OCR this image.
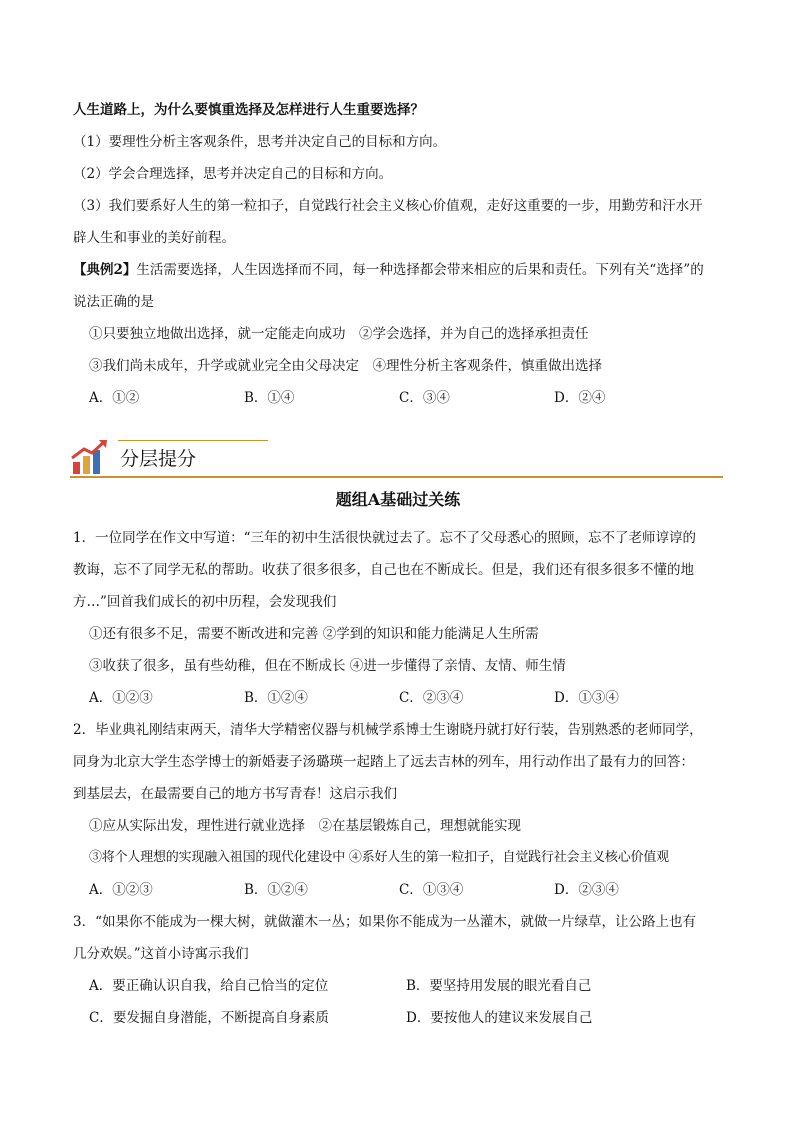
人生道路上，为什么要慎重选择及怎样进行人生重要选择？

（1）要理性分析主客观条件，思考并决定自己的目标和方向。

（2）学会合理选择，思考并决定自己的目标和方向。

（3）我们要系好人生的第一粒扣子，自觉践行社会主义核心价值观，走好这重要的一步，用勤劳和汗水开

辟人生和事业的美好前程。

【典例2】生活需要选择，人生因选择而不同，每一种选择都会带来相应的后果和责任。下列有关“选择”的

说法正确的是

①只要独立地做出选择，就一定能走向成功　②学会选择，并为自己的选择承担责任

③我们尚未成年，升学或就业完全由父母决定　④理性分析主客观条件，慎重做出选择

A．①②	B．①④	C．③④	D．②④
分层提分
题组A基础过关练

1．一位同学在作文中写道：“三年的初中生活很快就过去了。忘不了父母悉心的照顾，忘不了老师谆谆的

教诲，忘不了同学无私的帮助。收获了很多很多，自己也在不断成长。但是，我们还有很多很多不懂的地

方…”回首我们成长的初中历程，会发现我们

①还有很多不足，需要不断改进和完善 ②学到的知识和能力能满足人生所需

③收获了很多，虽有些幼稚，但在不断成长 ④进一步懂得了亲情、友情、师生情

A．①②③	B．①②④	C．②③④	D．①③④

2．毕业典礼刚结束两天，清华大学精密仪器与机械学系博士生谢晓丹就打好行装，告别熟悉的老师同学，

同身为北京大学生态学博士的新婚妻子汤璐瑛一起踏上了远去吉林的列车，用行动作出了最有力的回答：

到基层去，在最需要自己的地方书写青春！这启示我们

①应从实际出发，理性进行就业选择　②在基层锻炼自己，理想就能实现

③将个人理想的实现融入祖国的现代化建设中 ④系好人生的第一粒扣子，自觉践行社会主义核心价值观

A．①②③	B．①②④	C．①③④	D．②③④

3．“如果你不能成为一棵大树，就做灌木一丛；如果你不能成为一丛灌木，就做一片绿草，让公路上也有

几分欢娱。”这首小诗寓示我们

A．要正确认识自我，给自己恰当的定位	B．要坚持用发展的眼光看自己
C．要发掘自身潜能，不断提高自身素质	D．要按他人的建议来发展自己
